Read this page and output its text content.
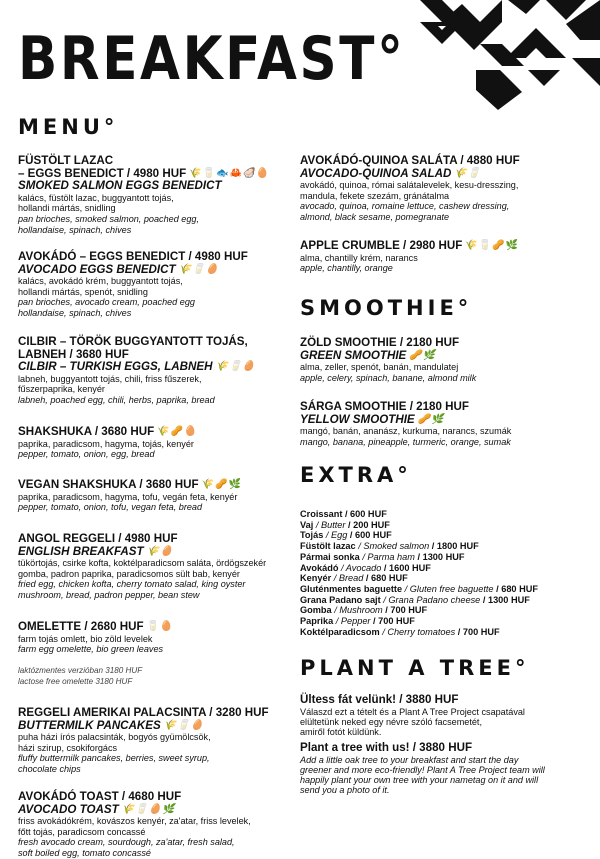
BREAKFAST°
MENU°

FÜSTÖLT LAZAC

– EGGS BENEDICT / 4980 HUF 🌾🥛🐟🦀🦪🥚

SMOKED SALMON EGGS BENEDICT

kalács, füstölt lazac, buggyantott tojás,

hollandi mártás, snidling

pan brioches, smoked salmon, poached egg,

hollandaise, spinach, chives

AVOKÁDÓ – EGGS BENEDICT / 4980 HUF

AVOCADO EGGS BENEDICT 🌾🥛🥚

kalács, avokádó krém, buggyantott tojás,

hollandi mártás, spenót, snidling

pan brioches, avocado cream, poached egg

hollandaise, spinach, chives

CILBIR – TÖRÖK BUGGYANTOTT TOJÁS,

LABNEH / 3680 HUF

CILBIR – TURKISH EGGS, LABNEH 🌾🥛🥚

labneh, buggyantott tojás, chili, friss fűszerek,

fűszerpaprika, kenyér

labneh, poached egg, chili, herbs, paprika, bread

SHAKSHUKA / 3680 HUF 🌾🥜🥚

paprika, paradicsom, hagyma, tojás, kenyér

pepper, tomato, onion, egg, bread

VEGAN SHAKSHUKA / 3680 HUF 🌾🥜🌿

paprika, paradicsom, hagyma, tofu, vegán feta, kenyér

pepper, tomato, onion, tofu, vegan feta, bread

ANGOL REGGELI / 4980 HUF

ENGLISH BREAKFAST 🌾🥚

tükörtojás, csirke kofta, koktélparadicsom saláta, ördögszekér

gomba, padron paprika, paradicsomos sült bab, kenyér

fried egg, chicken kofta, cherry tomato salad, king oyster

mushroom, bread, padron pepper, bean stew

OMELETTE / 2680 HUF 🥛🥚

farm tojás omlett, bio zöld levelek

farm egg omelette, bio green leaves

laktózmentes verzióban 3180 HUF

lactose free omelette 3180 HUF

REGGELI AMERIKAI PALACSINTA / 3280 HUF

BUTTERMILK PANCAKES 🌾🥛🥚

puha házi írós palacsinták, bogyós gyümölcsök,

házi szirup, csokiforgács

fluffy buttermilk pancakes, berries, sweet syrup,

chocolate chips

AVOKÁDÓ TOAST / 4680 HUF

AVOCADO TOAST 🌾🥛🥚🌿

friss avokádókrém, kovászos kenyér, za'atar, friss levelek,

főtt tojás, paradicsom concassé

fresh avocado cream, sourdough, za'atar, fresh salad,

soft boiled egg, tomato concassé

AVOKÁDÓ-QUINOA SALÁTA / 4880 HUF

AVOCADO-QUINOA SALAD 🌾🥛

avokádó, quinoa, római salátalevelek, kesu-dresszing,

mandula, fekete szezám, gránátalma

avocado, quinoa, romaine lettuce, cashew dressing,

almond, black sesame, pomegranate

APPLE CRUMBLE / 2980 HUF 🌾🥛🥜🌿

alma, chantilly krém, narancs

apple, chantilly, orange

SMOOTHIE°

ZÖLD SMOOTHIE / 2180 HUF

GREEN SMOOTHIE 🥜🌿

alma, zeller, spenót, banán, mandulatej

apple, celery, spinach, banane, almond milk

SÁRGA SMOOTHIE / 2180 HUF

YELLOW SMOOTHIE 🥜🌿

mangó, banán, ananász, kurkuma, narancs, szumák

mango, banana, pineapple, turmeric, orange, sumak

EXTRA°

Croissant / 600 HUF

Vaj / Butter / 200 HUF

Tojás / Egg / 600 HUF

Füstölt lazac / Smoked salmon / 1800 HUF

Pármai sonka / Parma ham / 1300 HUF

Avokádó / Avocado / 1600 HUF

Kenyér / Bread / 680 HUF

Gluténmentes baguette / Gluten free baguette / 680 HUF

Grana Padano sajt / Grana Padano cheese / 1300 HUF

Gomba / Mushroom / 700 HUF

Paprika / Pepper / 700 HUF

Koktélparadicsom / Cherry tomatoes / 700 HUF

PLANT A TREE°

Ültess fát velünk! / 3880 HUF

Válaszd ezt a tételt és a Plant A Tree Project csapatával

elültetünk neked egy névre szóló facsemetét,

amiről fotót küldünk.

Plant a tree with us! / 3880 HUF

Add a little oak tree to your breakfast and start the day

greener and more eco-friendly! Plant A Tree Project team will

happily plant your own tree with your nametag on it and will

send you a photo of it.
